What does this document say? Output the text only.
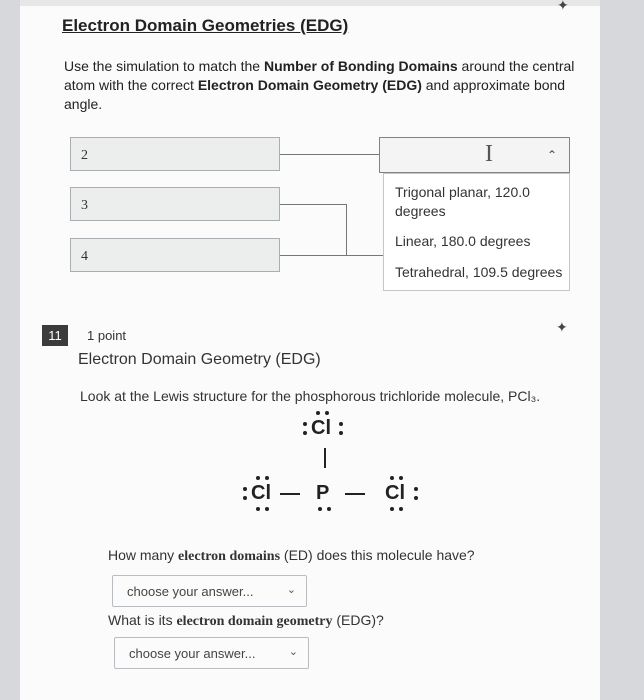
✦
Electron Domain Geometries (EDG)
Use the simulation to match the Number of Bonding Domains around the central atom with the correct Electron Domain Geometry (EDG) and approximate bond angle.
2
3
4
I	⌃
Trigonal planar, 120.0 degrees
Linear, 180.0 degrees
Tetrahedral, 109.5 degrees
11	1 point
✦
Electron Domain Geometry (EDG)
Look at the Lewis structure for the phosphorous trichloride molecule, PCl₃.
Cl
Cl P	Cl
How many electron domains (ED) does this molecule have?
choose your answer...	⌄
What is its electron domain geometry (EDG)?
choose your answer...	⌄
